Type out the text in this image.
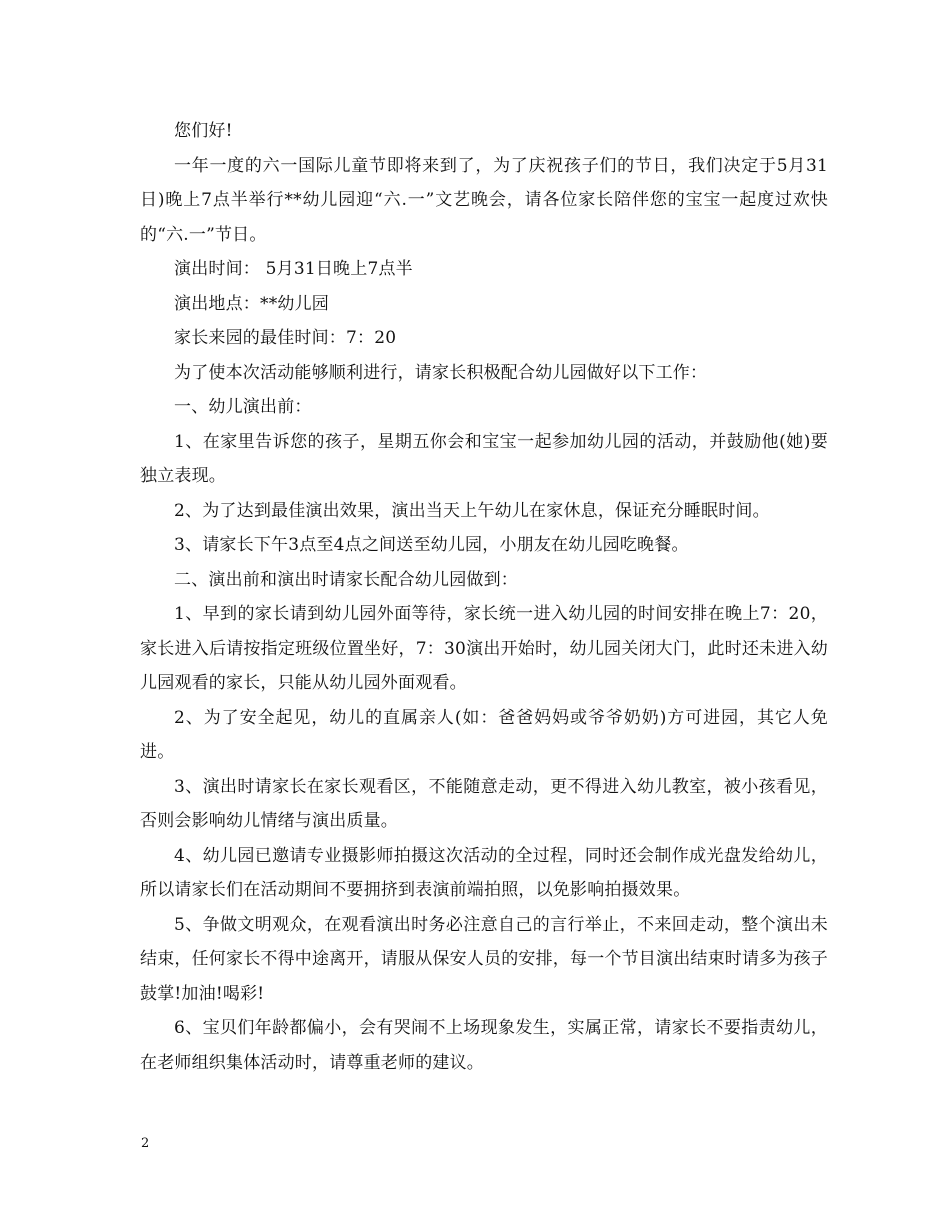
您们好!

一年一度的六一国际儿童节即将来到了，为了庆祝孩子们的节日，我们决定于5月31日)晚上7点半举行**幼儿园迎“六.一”文艺晚会，请各位家长陪伴您的宝宝一起度过欢快的“六.一”节日。

演出时间： 5月31日晚上7点半

演出地点：**幼儿园

家长来园的最佳时间：7：20

为了使本次活动能够顺利进行，请家长积极配合幼儿园做好以下工作：

一、幼儿演出前：

1、在家里告诉您的孩子，星期五你会和宝宝一起参加幼儿园的活动，并鼓励他(她)要独立表现。

2、为了达到最佳演出效果，演出当天上午幼儿在家休息，保证充分睡眠时间。

3、请家长下午3点至4点之间送至幼儿园，小朋友在幼儿园吃晚餐。

二、演出前和演出时请家长配合幼儿园做到：

1、早到的家长请到幼儿园外面等待，家长统一进入幼儿园的时间安排在晚上7：20，家长进入后请按指定班级位置坐好，7：30演出开始时，幼儿园关闭大门，此时还未进入幼儿园观看的家长，只能从幼儿园外面观看。

2、为了安全起见，幼儿的直属亲人(如：爸爸妈妈或爷爷奶奶)方可进园，其它人免进。

3、演出时请家长在家长观看区，不能随意走动，更不得进入幼儿教室，被小孩看见，否则会影响幼儿情绪与演出质量。

4、幼儿园已邀请专业摄影师拍摄这次活动的全过程，同时还会制作成光盘发给幼儿，所以请家长们在活动期间不要拥挤到表演前端拍照，以免影响拍摄效果。

5、争做文明观众，在观看演出时务必注意自己的言行举止，不来回走动，整个演出未结束，任何家长不得中途离开，请服从保安人员的安排，每一个节目演出结束时请多为孩子鼓掌!加油!喝彩!

6、宝贝们年龄都偏小，会有哭闹不上场现象发生，实属正常，请家长不要指责幼儿，在老师组织集体活动时，请尊重老师的建议。

2
